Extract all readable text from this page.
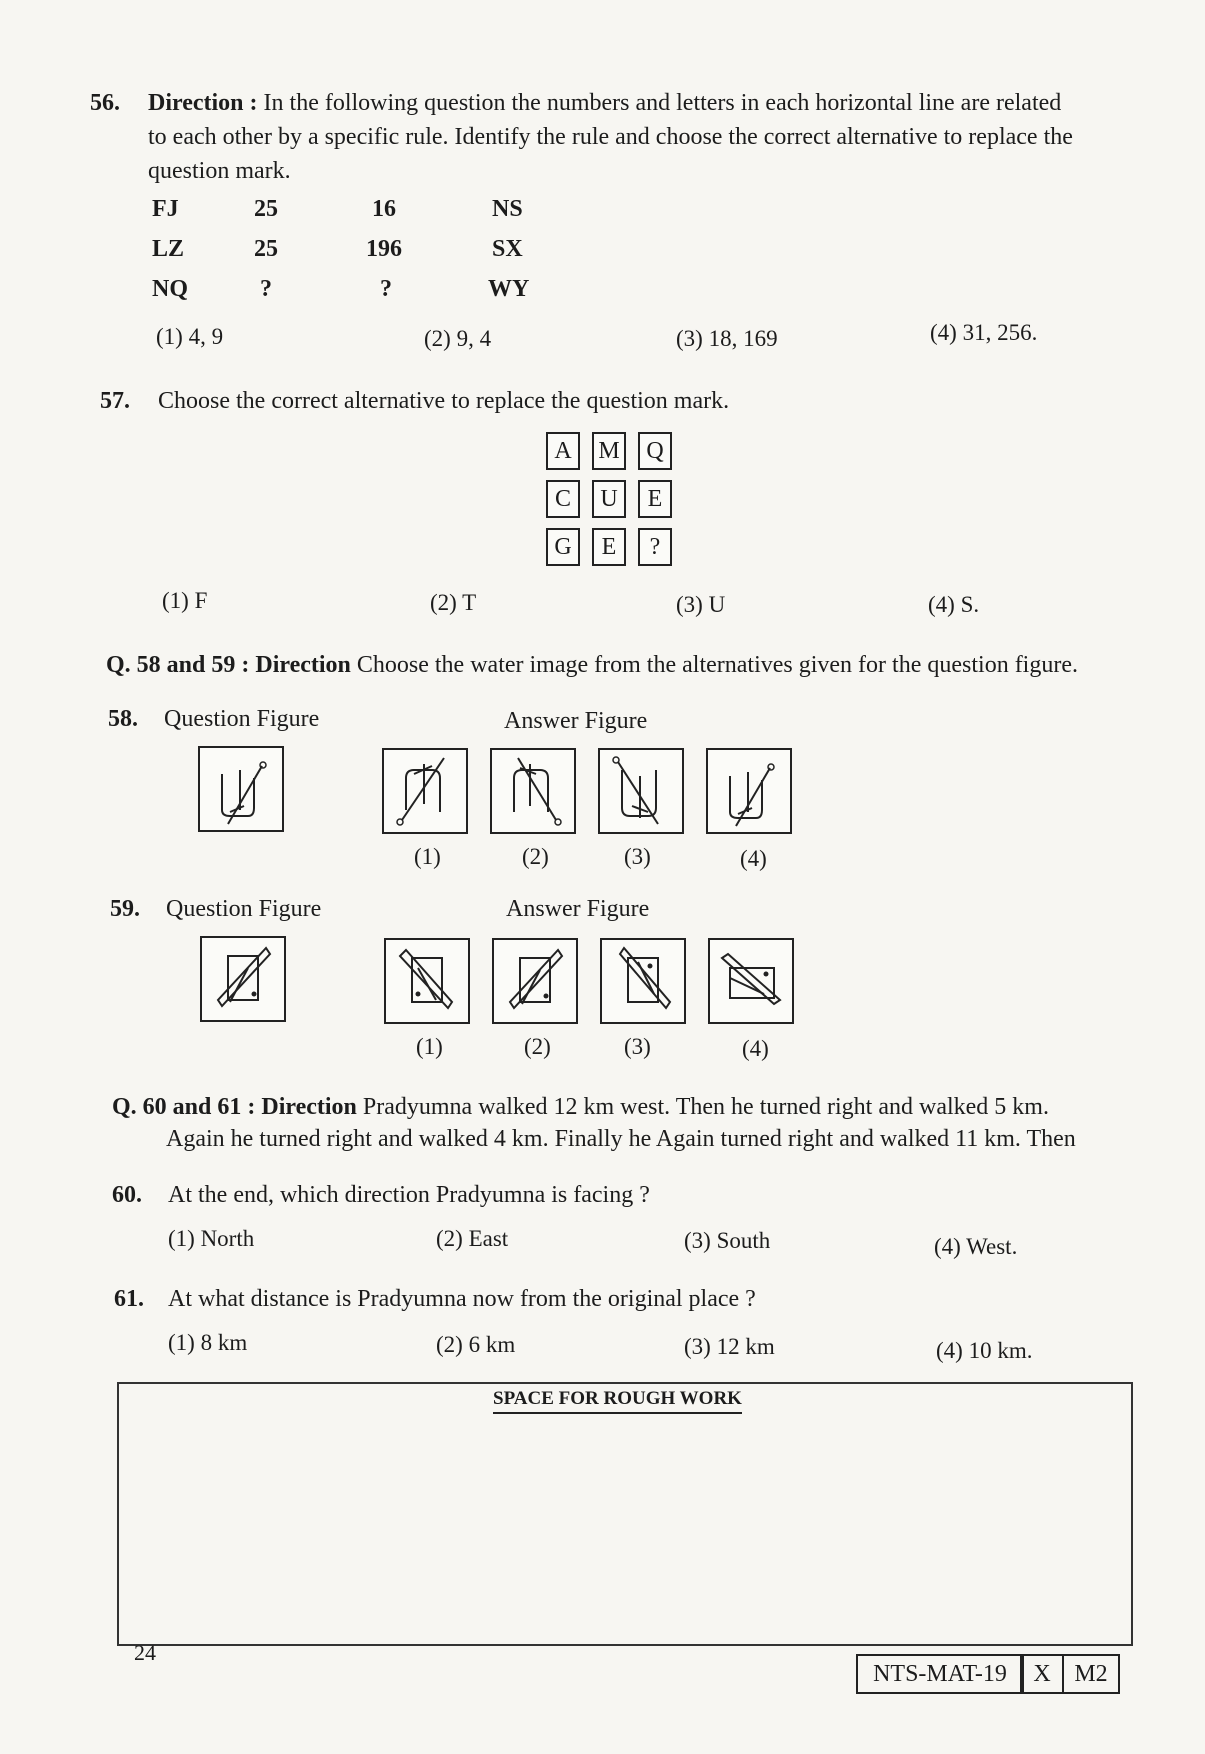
56. Direction : In the following question the numbers and letters in each horizontal line are related
to each other by a specific rule. Identify the rule and choose the correct alternative to replace the
question mark.
FJ	25	16	NS
LZ	25	196	SX
NQ	?	?	WY
(1) 4, 9	(2) 9, 4	(3) 18, 169	(4) 31, 256.
57. Choose the correct alternative to replace the question mark.
A	M	Q
C	U	E
G	E	?
(1) F	(2) T	(3) U	(4) S.
Q. 58 and 59 : Direction Choose the water image from the alternatives given for the question figure.
58. Question Figure	Answer Figure
(1)	(2)	(3)	(4)
59. Question Figure	Answer Figure
(1)	(2)	(3)	(4)
Q. 60 and 61 : Direction Pradyumna walked 12 km west. Then he turned right and walked 5 km.
Again he turned right and walked 4 km. Finally he Again turned right and walked 11 km. Then
60. At the end, which direction Pradyumna is facing ?
(1) North	(2) East	(3) South	(4) West.
61. At what distance is Pradyumna now from the original place ?
(1) 8 km	(2) 6 km	(3) 12 km	(4) 10 km.
SPACE FOR ROUGH WORK
24
NTS-MAT-19	X M2
